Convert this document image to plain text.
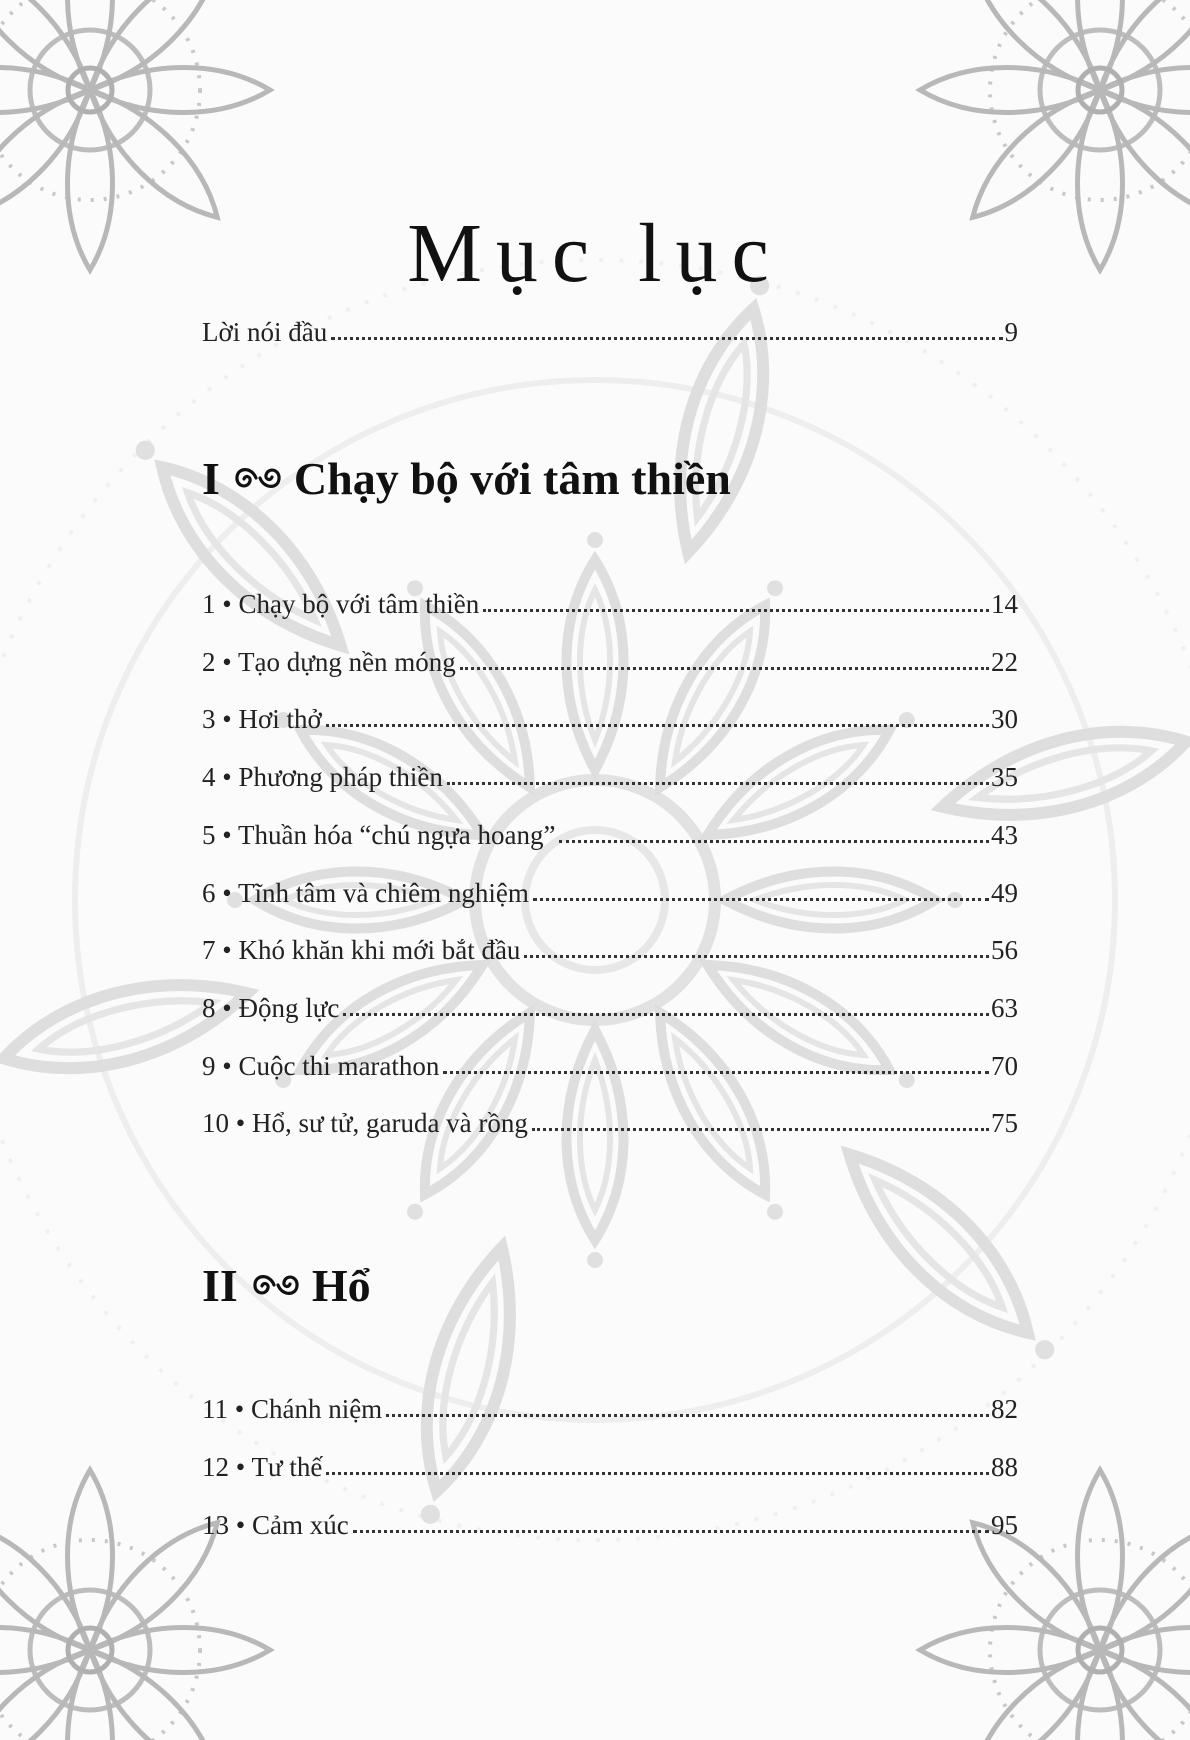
Mục lục
Lời nói đầu	9
I Chạy bộ với tâm thiền
1 • Chạy bộ với tâm thiền	14
2 • Tạo dựng nền móng	22
3 • Hơi thở	30
4 • Phương pháp thiền	35
5 • Thuần hóa “chú ngựa hoang”	43
6 • Tĩnh tâm và chiêm nghiệm	49
7 • Khó khăn khi mới bắt đầu	56
8 • Động lực	63
9 • Cuộc thi marathon	70
10 • Hổ, sư tử, garuda và rồng	75
II Hổ
11 • Chánh niệm	82
12 • Tư thế	88
13 • Cảm xúc	95
